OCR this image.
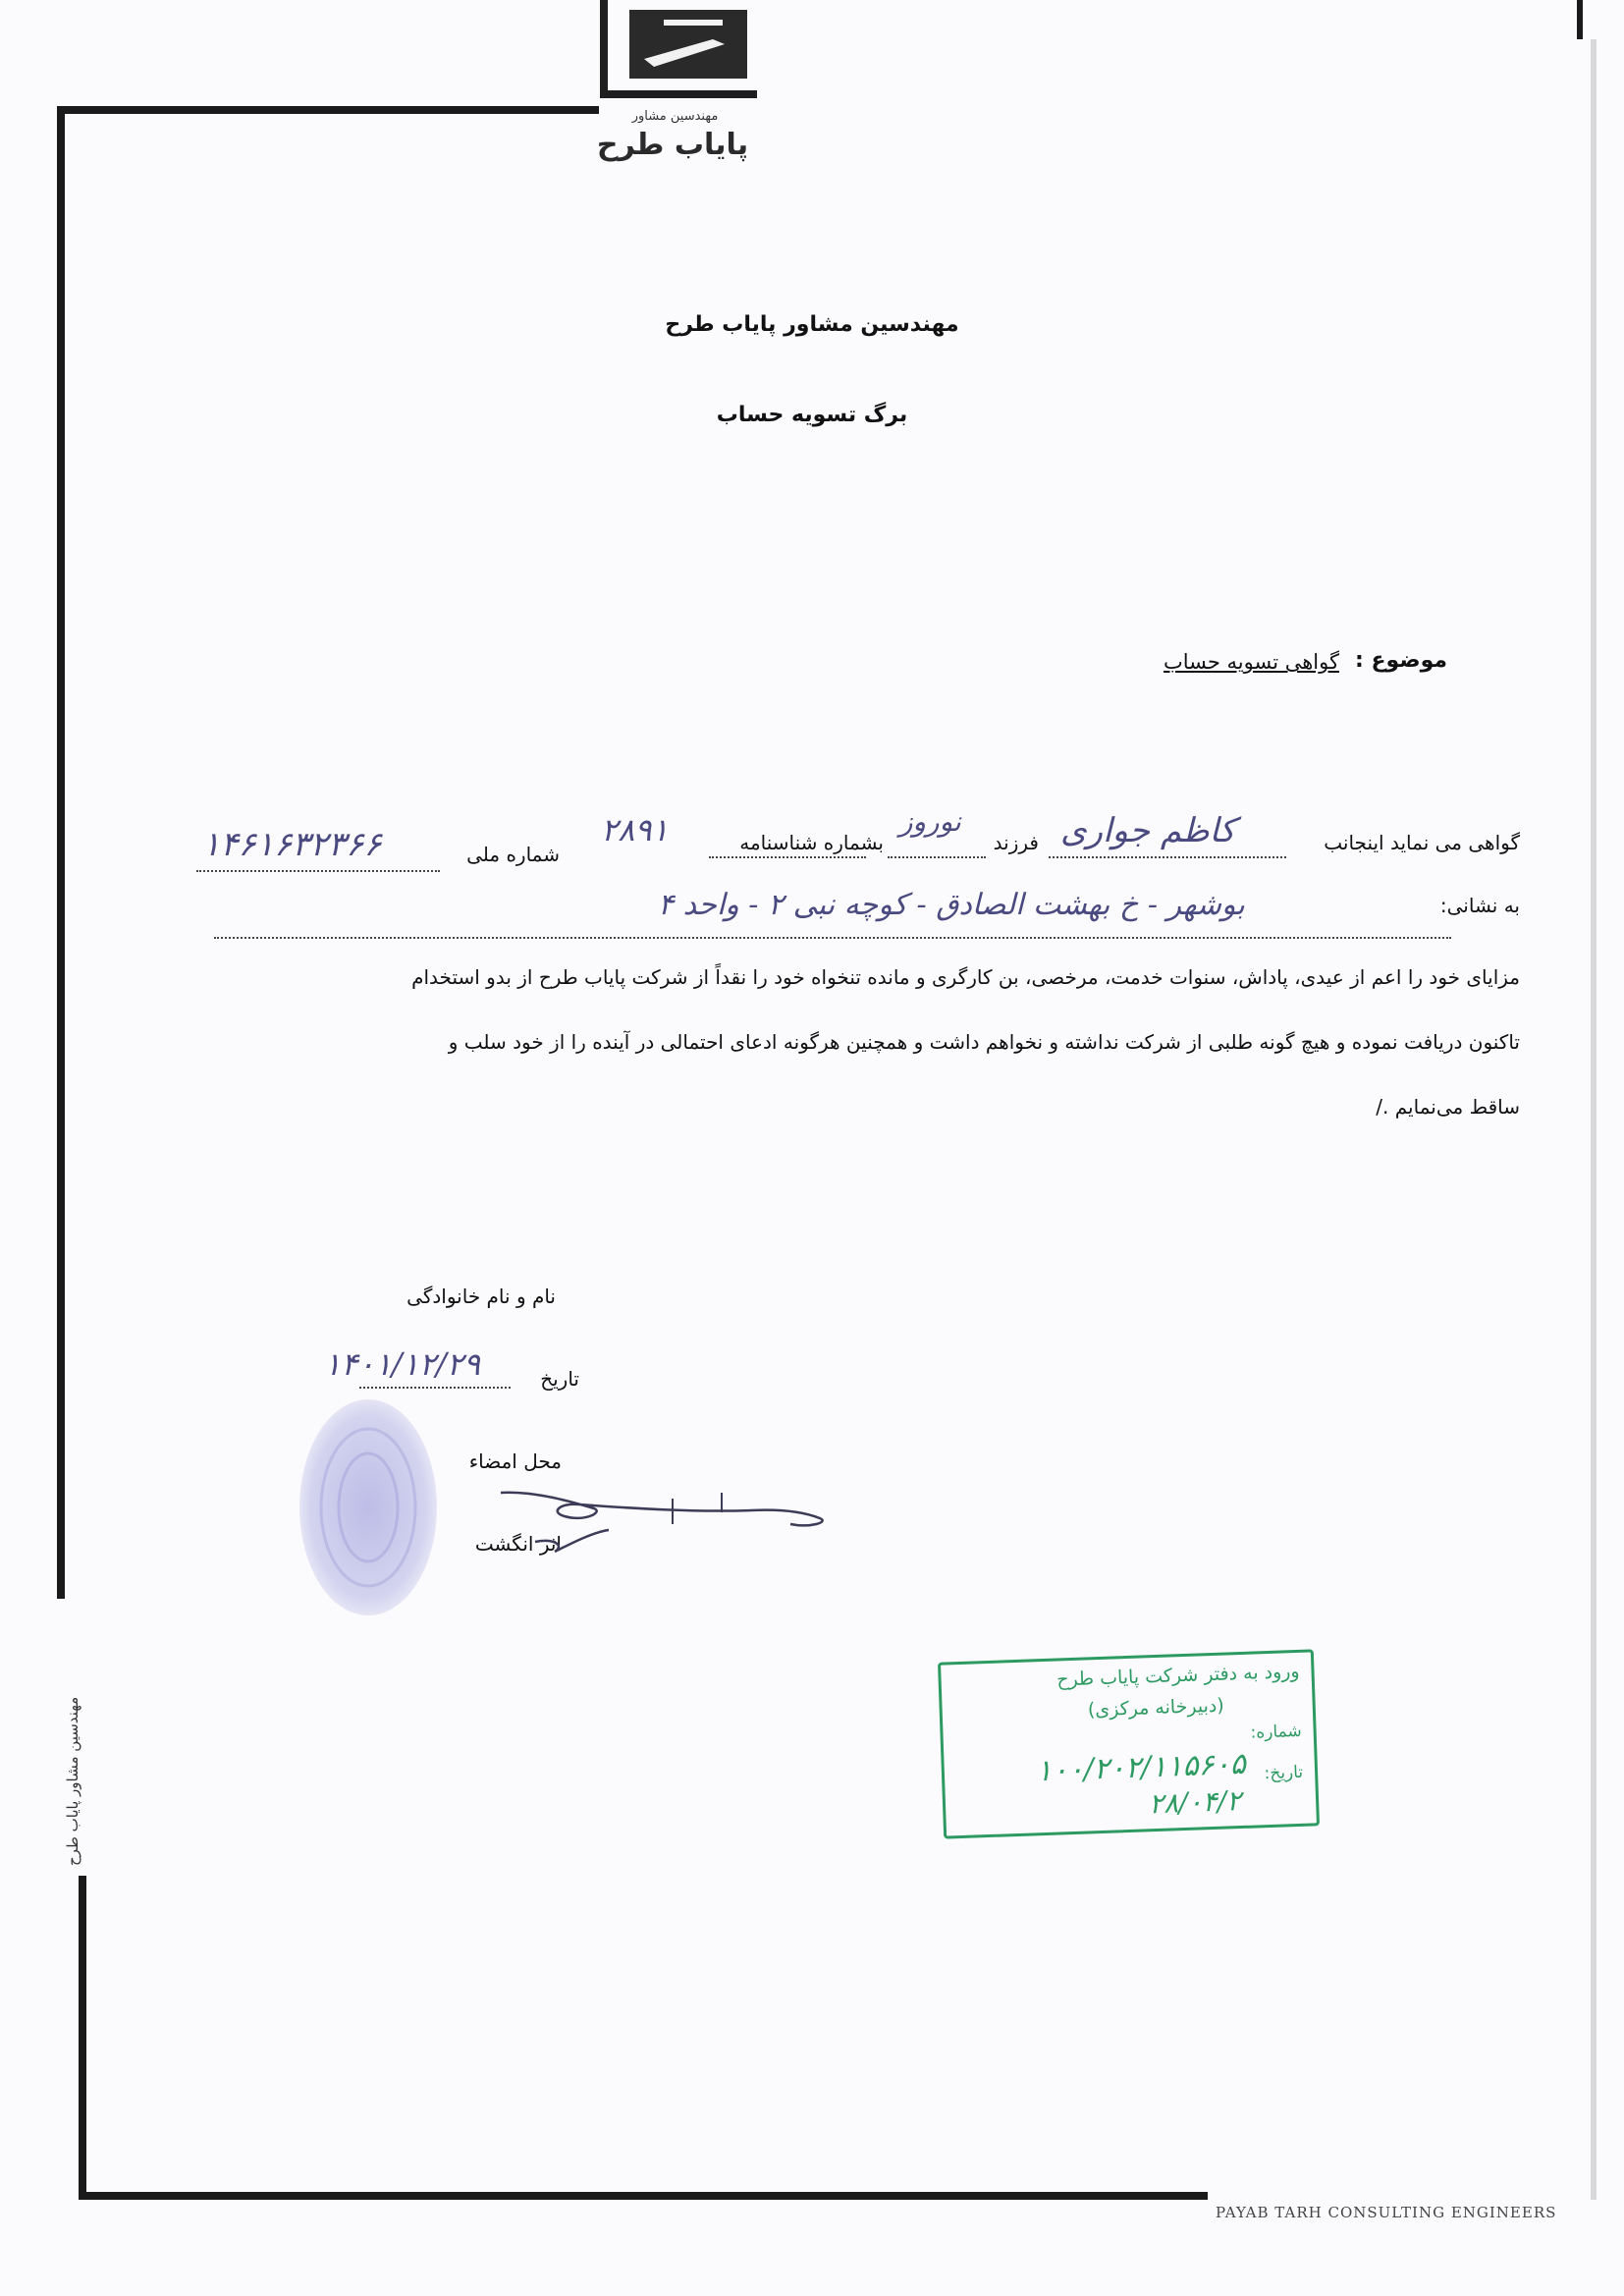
مهندسین مشاور
پایاب طرح
مهندسین مشاور پایاب طرح
برگ تسویه حساب
موضوع :
گواهی تسویه حساب
گواهی می نماید اینجانب
کاظم جواری
فرزند
نوروز
بشماره شناسنامه
۲۸۹۱
شماره ملی
۱۴۶۱۶۳۲۳۶۶
به نشانی:
بوشهر - خ بهشت الصادق - کوچه نبی ۲ - واحد ۴
مزایای خود را اعم از عیدی، پاداش، سنوات خدمت، مرخصی، بن کارگری و مانده تنخواه خود را نقداً از شرکت پایاب طرح از بدو استخدام
تاکنون دریافت نموده و هیچ گونه طلبی از شرکت نداشته و نخواهم داشت و همچنین هرگونه ادعای احتمالی در آینده را از خود سلب و
ساقط می‌نمایم ./
نام و نام خانوادگی
تاریخ
۱۴۰۱/۱۲/۲۹
محل امضاء
اثر انگشت
ورود به دفتر شرکت پایاب طرح
(دبیرخانه مرکزی)
شماره:
تاریخ:
۱۰۰/۲۰۲/۱۱۵۶۰۵
۲۸/۰۴/۲
مهندسین مشاور پایاب طرح
PAYAB TARH CONSULTING ENGINEERS
